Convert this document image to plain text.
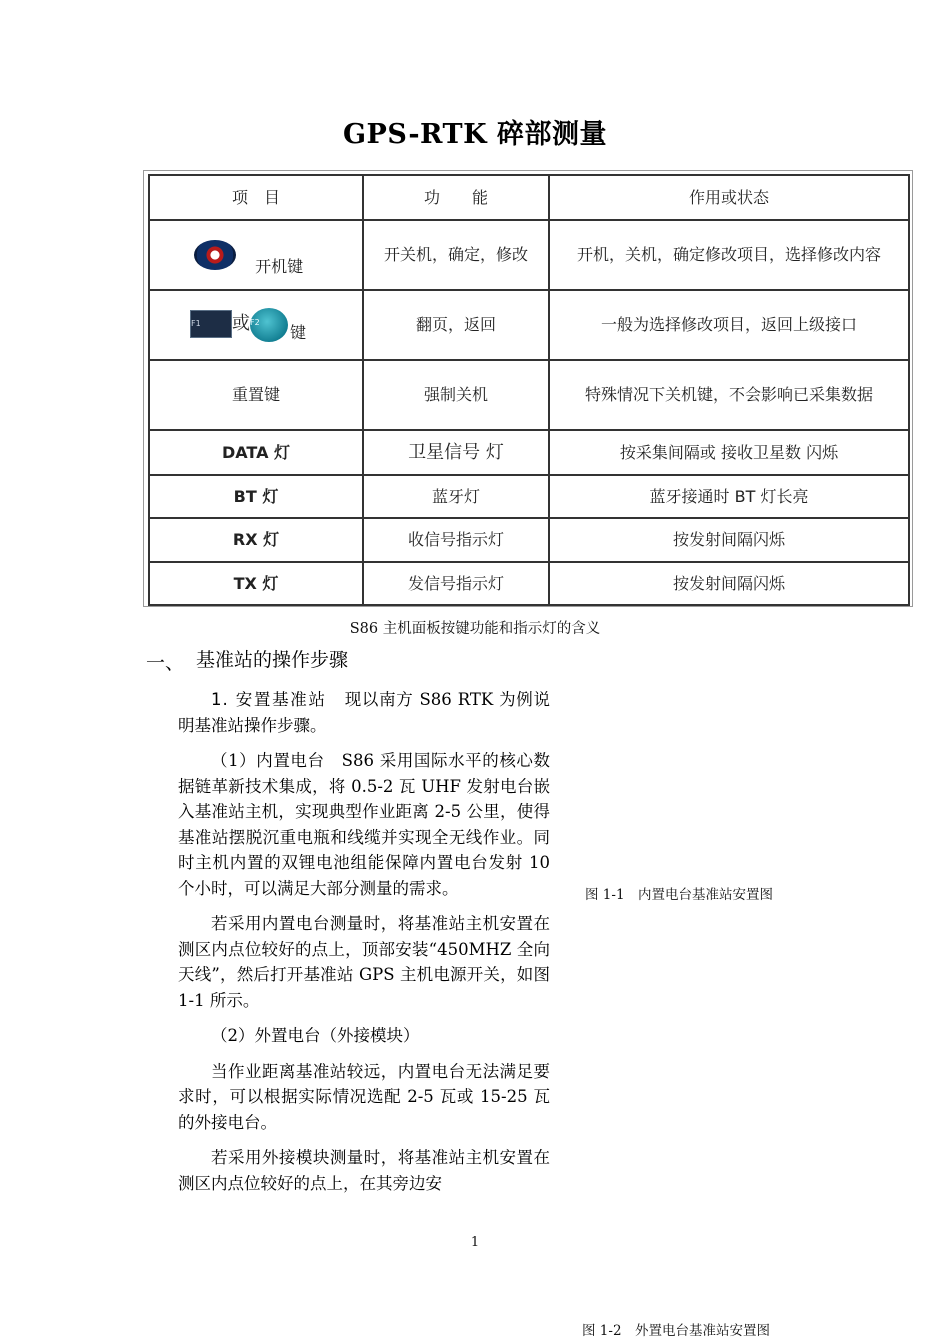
GPS-RTK 碎部测量
项　目	功　　能	作用或状态
开机键	开关机，确定，修改	开机，关机，确定修改项目，选择修改内容
F1 或F2键	翻页，返回	一般为选择修改项目，返回上级接口
重置键	强制关机	特殊情况下关机键，不会影响已采集数据
DATA 灯	卫星信号 灯	按采集间隔或 接收卫星数 闪烁
BT 灯	蓝牙灯	蓝牙接通时 BT 灯长亮
RX 灯	收信号指示灯	按发射间隔闪烁
TX 灯	发信号指示灯	按发射间隔闪烁
S86 主机面板按键功能和指示灯的含义
一、 基准站的操作步骤

1. 安置基准站 现以南方 S86 RTK 为例说明基准站操作步骤。

（1）内置电台　S86 采用国际水平的核心数据链革新技术集成，将 0.5-2 瓦 UHF 发射电台嵌入基准站主机，实现典型作业距离 2-5 公里，使得基准站摆脱沉重电瓶和线缆并实现全无线作业。同时主机内置的双锂电池组能保障内置电台发射 10 个小时，可以满足大部分测量的需求。

若采用内置电台测量时，将基准站主机安置在测区内点位较好的点上，顶部安装“450MHZ 全向天线”，然后打开基准站 GPS 主机电源开关，如图 1-1 所示。

（2）外置电台（外接模块）

当作业距离基准站较远，内置电台无法满足要求时，可以根据实际情况选配 2-5 瓦或 15-25 瓦的外接电台。

若采用外接模块测量时，将基准站主机安置在测区内点位较好的点上，在其旁边安

图 1-1　内置电台基准站安置图
1
图 1-2　外置电台基准站安置图
